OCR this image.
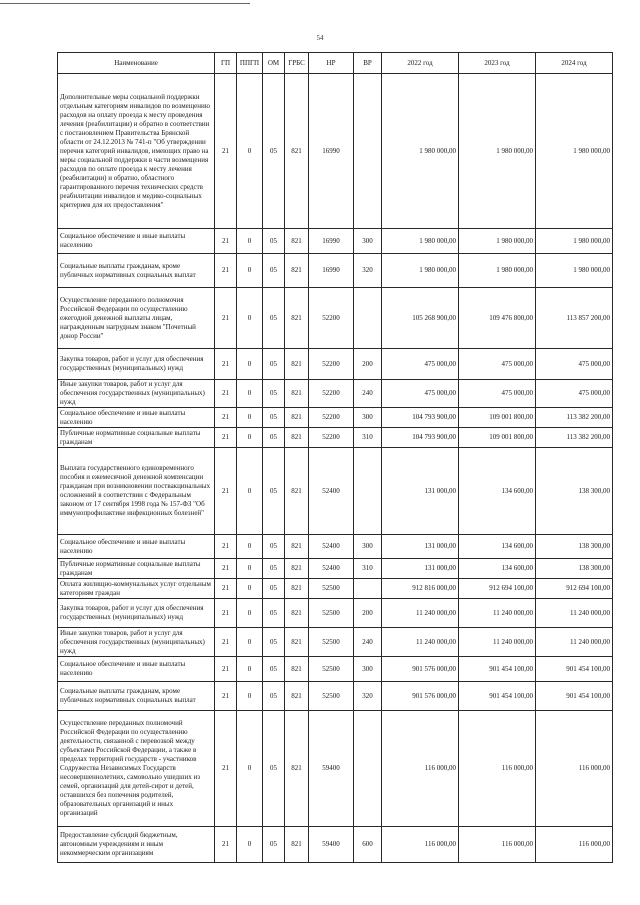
54
Наименование	ГП	ППГП	ОМ	ГРБС	НР	ВР	2022 год	2023 год	2024 год
Дополнительные меры социальной поддержки отдельным категориям инвалидов по возмещению расходов на оплату проезда к месту проведения лечения (реабилитации) и обратно в соответствии с постановлением Правительства Брянской области от 24.12.2013 № 741-п "Об утверждении перечня категорий инвалидов, имеющих право на меры социальной поддержки в части возмещения расходов по оплате проезда к месту лечения (реабилитации) и обратно, областного гарантированного перечня технических средств реабилитации инвалидов и медико-социальных критериев для их предоставления"	21	0	05	821	16990		1 980 000,00	1 980 000,00	1 980 000,00
Социальное обеспечение и иные выплаты населению	21	0	05	821	16990	300	1 980 000,00	1 980 000,00	1 980 000,00
Социальные выплаты гражданам, кроме публичных нормативных социальных выплат	21	0	05	821	16990	320	1 980 000,00	1 980 000,00	1 980 000,00
Осуществление переданного полномочия Российской Федерации по осуществлению ежегодной денежной выплаты лицам, награжденным нагрудным знаком "Почетный донор России"	21	0	05	821	52200		105 268 900,00	109 476 800,00	113 857 200,00
Закупка товаров, работ и услуг для обеспечения государственных (муниципальных) нужд	21	0	05	821	52200	200	475 000,00	475 000,00	475 000,00
Иные закупки товаров, работ и услуг для обеспечения государственных (муниципальных) нужд	21	0	05	821	52200	240	475 000,00	475 000,00	475 000,00
Социальное обеспечение и иные выплаты населению	21	0	05	821	52200	300	104 793 900,00	109 001 800,00	113 382 200,00
Публичные нормативные социальные выплаты гражданам	21	0	05	821	52200	310	104 793 900,00	109 001 800,00	113 382 200,00
Выплата государственного единовременного пособия и ежемесячной денежной компенсации гражданам при возникновении поствакцинальных осложнений в соответствии с Федеральным законом от 17 сентября 1998 года № 157-ФЗ "Об иммунопрофилактике инфекционных болезней"	21	0	05	821	52400		131 000,00	134 600,00	138 300,00
Социальное обеспечение и иные выплаты населению	21	0	05	821	52400	300	131 000,00	134 600,00	138 300,00
Публичные нормативные социальные выплаты гражданам	21	0	05	821	52400	310	131 000,00	134 600,00	138 300,00
Оплата жилищно-коммунальных услуг отдельным категориям граждан	21	0	05	821	52500		912 816 000,00	912 694 100,00	912 694 100,00
Закупка товаров, работ и услуг для обеспечения государственных (муниципальных) нужд	21	0	05	821	52500	200	11 240 000,00	11 240 000,00	11 240 000,00
Иные закупки товаров, работ и услуг для обеспечения государственных (муниципальных) нужд	21	0	05	821	52500	240	11 240 000,00	11 240 000,00	11 240 000,00
Социальное обеспечение и иные выплаты населению	21	0	05	821	52500	300	901 576 000,00	901 454 100,00	901 454 100,00
Социальные выплаты гражданам, кроме публичных нормативных социальных выплат	21	0	05	821	52500	320	901 576 000,00	901 454 100,00	901 454 100,00
Осуществление переданных полномочий Российской Федерации по осуществлению деятельности, связанной с перевозкой между субъектами Российской Федерации, а также в пределах территорий государств - участников Содружества Независимых Государств несовершеннолетних, самовольно ушедших из семей, организаций для детей-сирот и детей, оставшихся без попечения родителей, образовательных организаций и иных организаций	21	0	05	821	59400		116 000,00	116 000,00	116 000,00
Предоставление субсидий бюджетным, автономным учреждениям и иным некоммерческим организациям	21	0	05	821	59400	600	116 000,00	116 000,00	116 000,00
